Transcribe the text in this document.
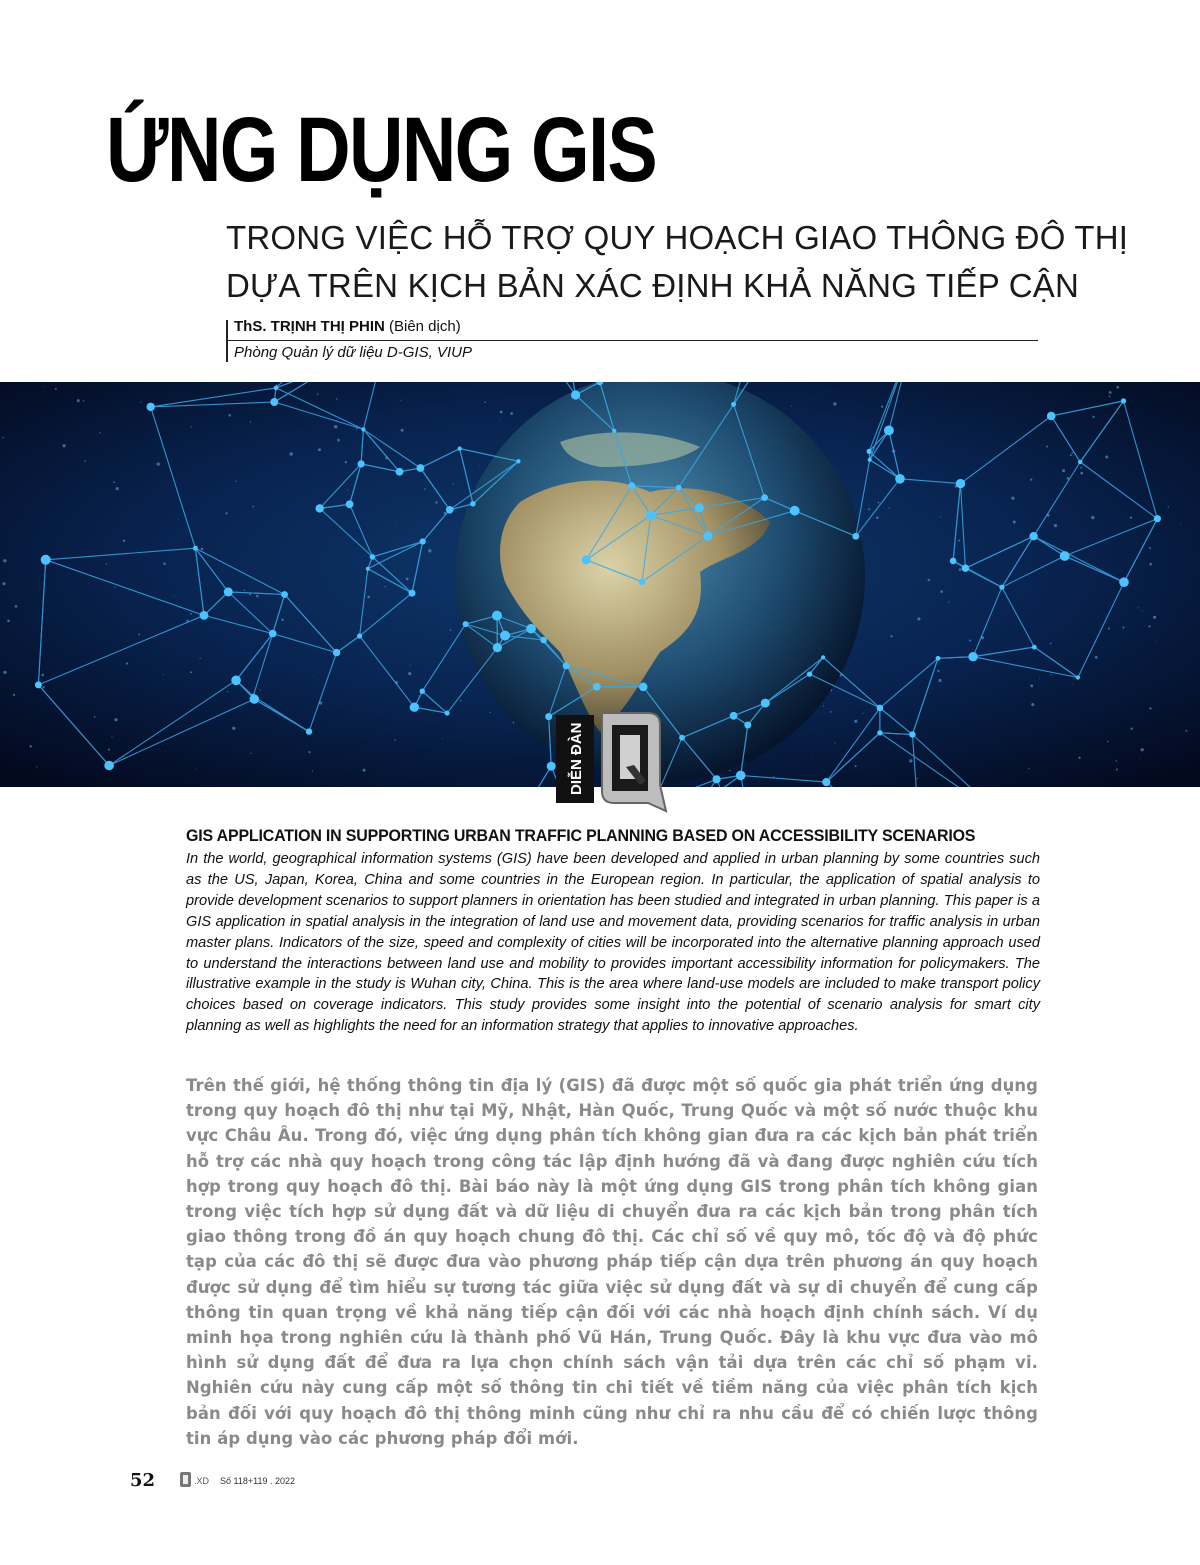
ỨNG DỤNG GIS
TRONG VIỆC HỖ TRỢ QUY HOẠCH GIAO THÔNG ĐÔ THỊ
DỰA TRÊN KỊCH BẢN XÁC ĐỊNH KHẢ NĂNG TIẾP CẬN
ThS. TRỊNH THỊ PHIN (Biên dịch)
Phòng Quản lý dữ liệu D-GIS, VIUP
DIỄN ĐÀN
GIS APPLICATION IN SUPPORTING URBAN TRAFFIC PLANNING BASED ON ACCESSIBILITY SCENARIOS
In the world, geographical information systems (GIS) have been developed and applied in urban planning by some countries such as the US, Japan, Korea, China and some countries in the European region. In particular, the application of spatial analysis to provide development scenarios to support planners in orientation has been studied and integrated in urban planning. This paper is a GIS application in spatial analysis in the integration of land use and movement data, providing scenarios for traffic analysis in urban master plans. Indicators of the size, speed and complexity of cities will be incorporated into the alternative planning approach used to understand the interactions between land use and mobility to provides important accessibility information for policymakers. The illustrative example in the study is Wuhan city, China. This is the area where land-use models are included to make transport policy choices based on coverage indicators. This study provides some insight into the potential of scenario analysis for smart city planning as well as highlights the need for an information strategy that applies to innovative approaches.
Trên thế giới, hệ thống thông tin địa lý (GIS) đã được một số quốc gia phát triển ứng dụng trong quy hoạch đô thị như tại Mỹ, Nhật, Hàn Quốc, Trung Quốc và một số nước thuộc khu vực Châu Âu. Trong đó, việc ứng dụng phân tích không gian đưa ra các kịch bản phát triển hỗ trợ các nhà quy hoạch trong công tác lập định hướng đã và đang được nghiên cứu tích hợp trong quy hoạch đô thị. Bài báo này là một ứng dụng GIS trong phân tích không gian trong việc tích hợp sử dụng đất và dữ liệu di chuyển đưa ra các kịch bản trong phân tích giao thông trong đồ án quy hoạch chung đô thị. Các chỉ số về quy mô, tốc độ và độ phức tạp của các đô thị sẽ được đưa vào phương pháp tiếp cận dựa trên phương án quy hoạch được sử dụng để tìm hiểu sự tương tác giữa việc sử dụng đất và sự di chuyển để cung cấp thông tin quan trọng về khả năng tiếp cận đối với các nhà hoạch định chính sách. Ví dụ minh họa trong nghiên cứu là thành phố Vũ Hán, Trung Quốc. Đây là khu vực đưa vào mô hình sử dụng đất để đưa ra lựa chọn chính sách vận tải dựa trên các chỉ số phạm vi. Nghiên cứu này cung cấp một số thông tin chi tiết về tiềm năng của việc phân tích kịch bản đối với quy hoạch đô thị thông minh cũng như chỉ ra nhu cầu để có chiến lược thông tin áp dụng vào các phương pháp đổi mới.
52	.XD Số 118+119 . 2022
